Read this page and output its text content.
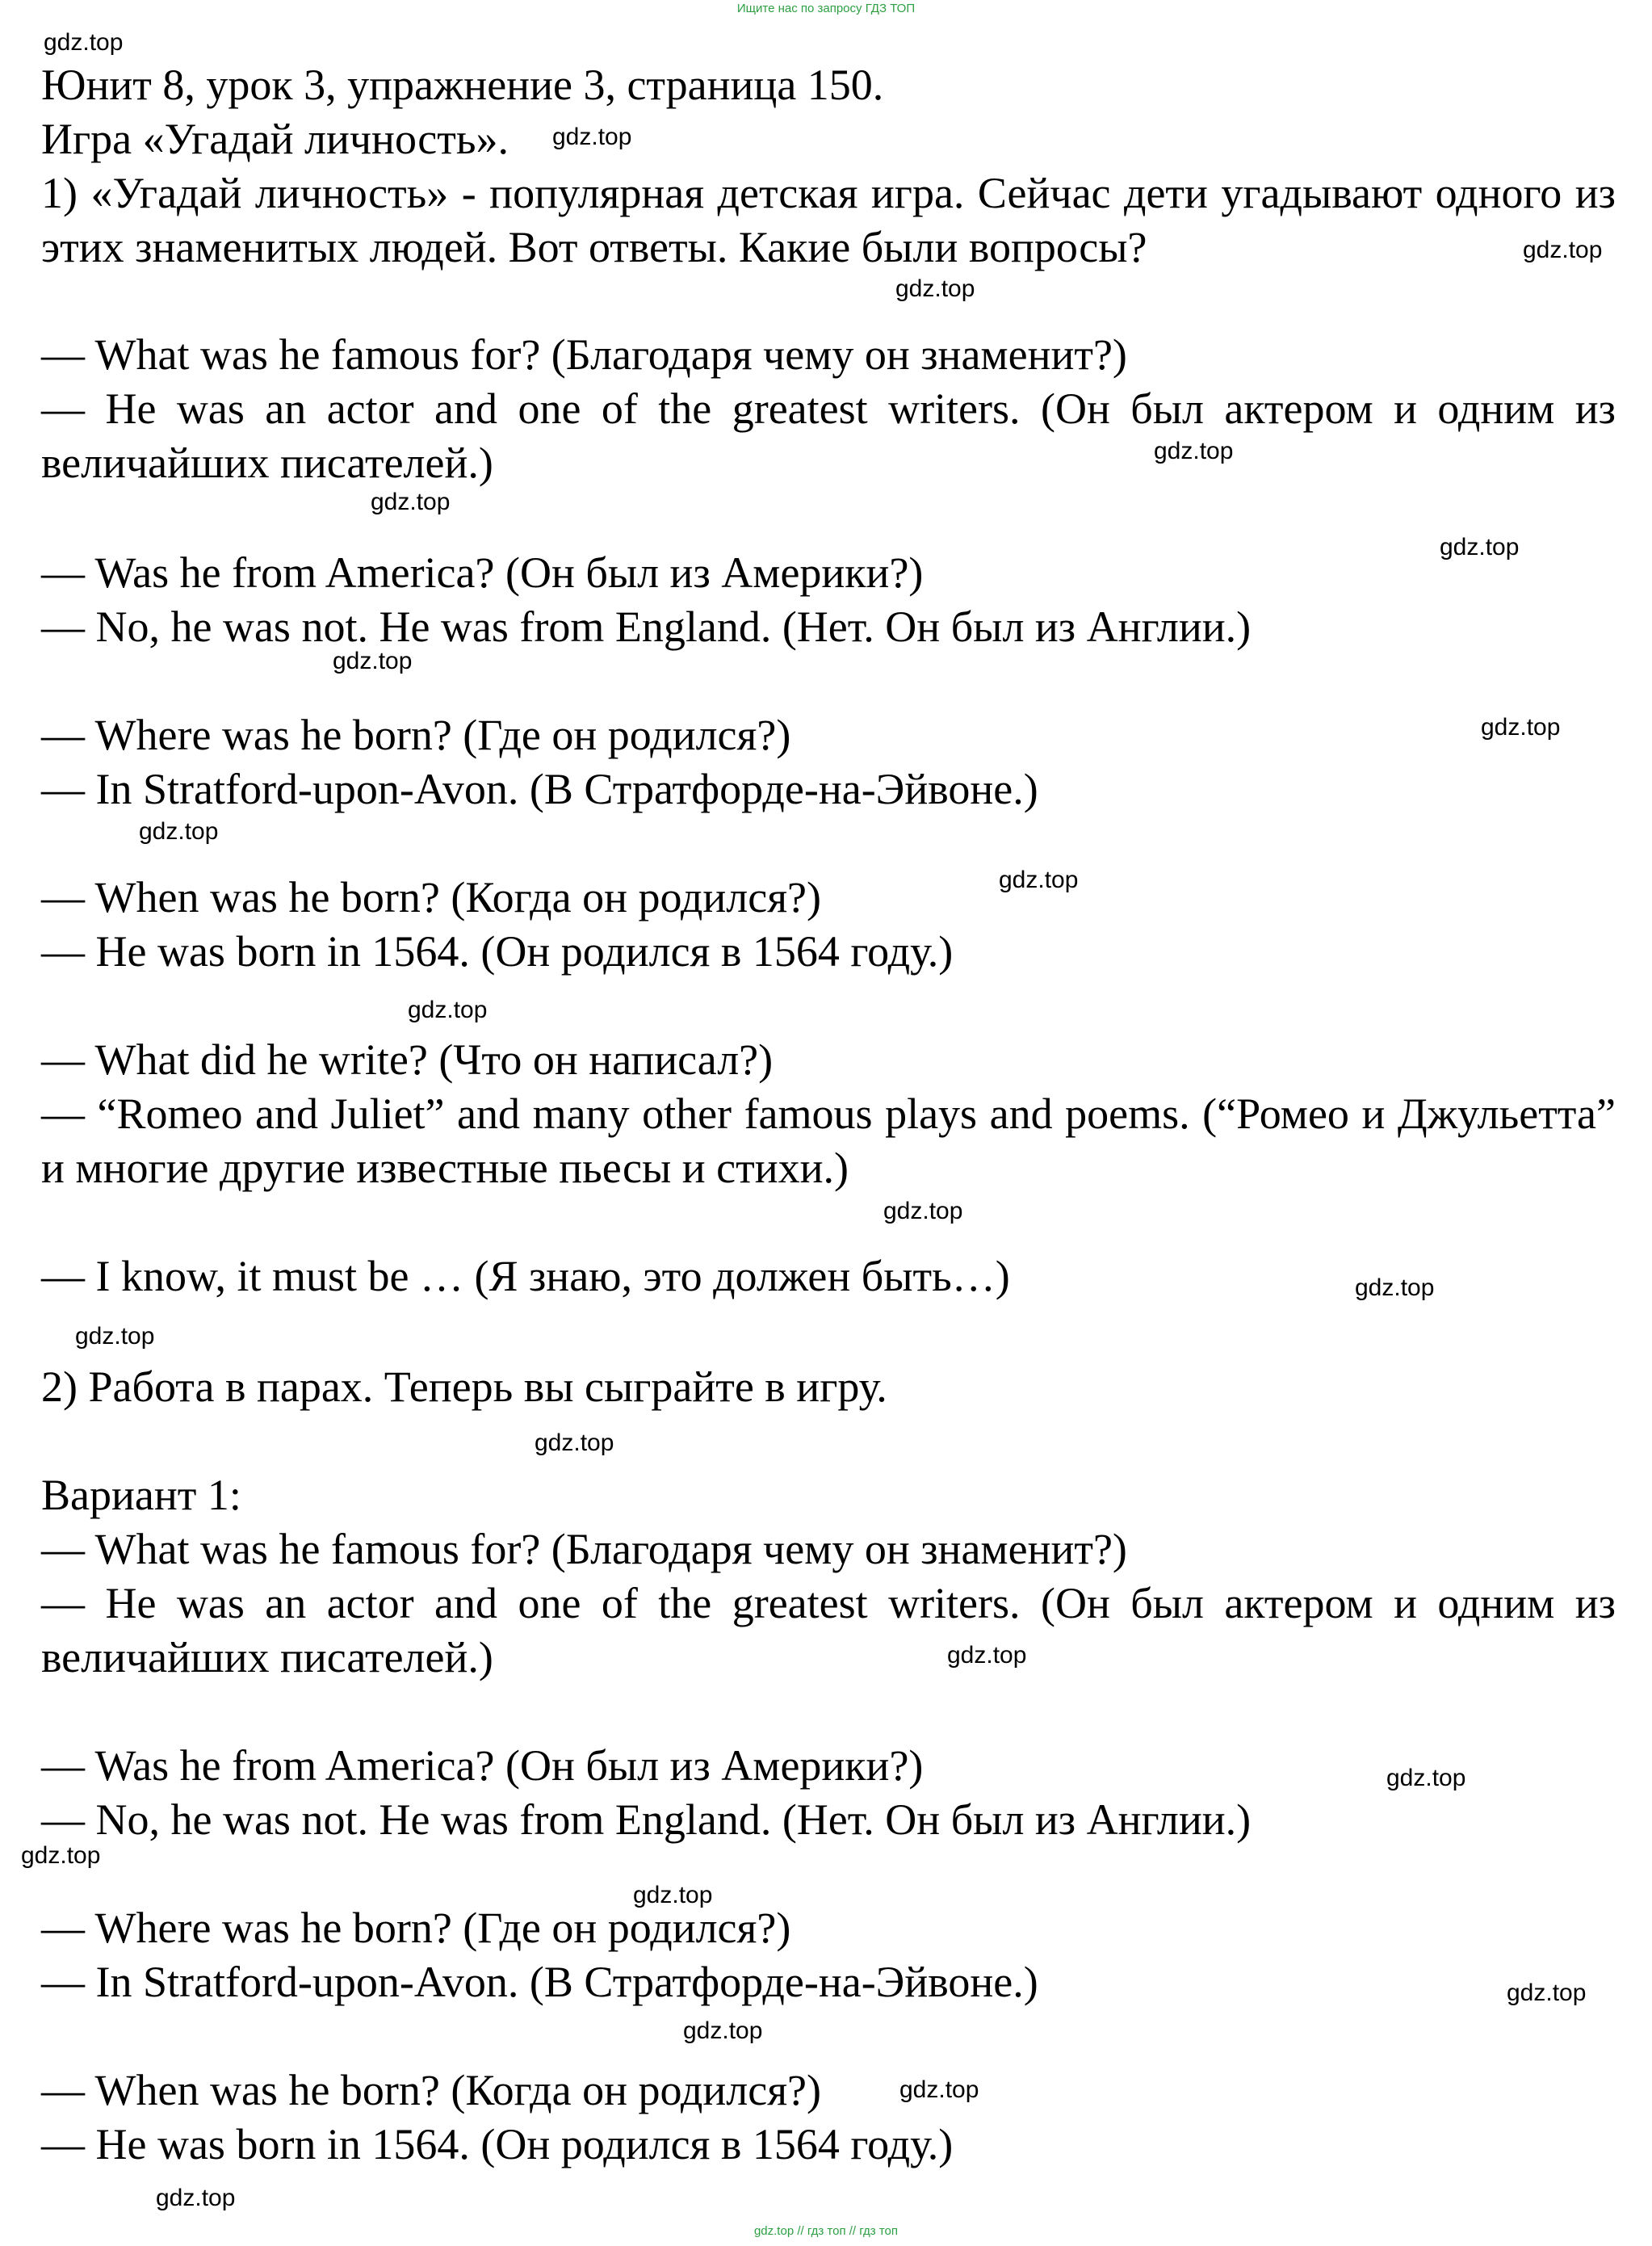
Ищите нас по запросу ГДЗ ТОП

Юнит 8, урок 3, упражнение 3, страница 150.

Игра «Угадай личность».

1) «Угадай личность» - популярная детская игра. Сейчас дети угадывают одного из этих знаменитых людей. Вот ответы. Какие были вопросы?

— What was he famous for? (Благодаря чему он знаменит?)

— He was an actor and one of the greatest writers. (Он был актером и одним из величайших писателей.)

— Was he from America? (Он был из Америки?)

— No, he was not. He was from England. (Нет. Он был из Англии.)

— Where was he born? (Где он родился?)

— In Stratford-upon-Avon. (В Стратфорде-на-Эйвоне.)

— When was he born? (Когда он родился?)

— He was born in 1564. (Он родился в 1564 году.)

— What did he write? (Что он написал?)

— “Romeo and Juliet” and many other famous plays and poems. (“Ромео и Джульетта” и многие другие известные пьесы и стихи.)

— I know, it must be … (Я знаю, это должен быть…)

2) Работа в парах. Теперь вы сыграйте в игру.

Вариант 1:

— What was he famous for? (Благодаря чему он знаменит?)

— He was an actor and one of the greatest writers. (Он был актером и одним из величайших писателей.)

— Was he from America? (Он был из Америки?)

— No, he was not. He was from England. (Нет. Он был из Англии.)

— Where was he born? (Где он родился?)

— In Stratford-upon-Avon. (В Стратфорде-на-Эйвоне.)

— When was he born? (Когда он родился?)

— He was born in 1564. (Он родился в 1564 году.)

gdz.top
gdz.top
gdz.top
gdz.top
gdz.top
gdz.top
gdz.top
gdz.top
gdz.top
gdz.top
gdz.top
gdz.top
gdz.top
gdz.top
gdz.top
gdz.top
gdz.top
gdz.top
gdz.top
gdz.top
gdz.top
gdz.top
gdz.top
gdz.top
gdz.top // гдз топ // гдз топ
